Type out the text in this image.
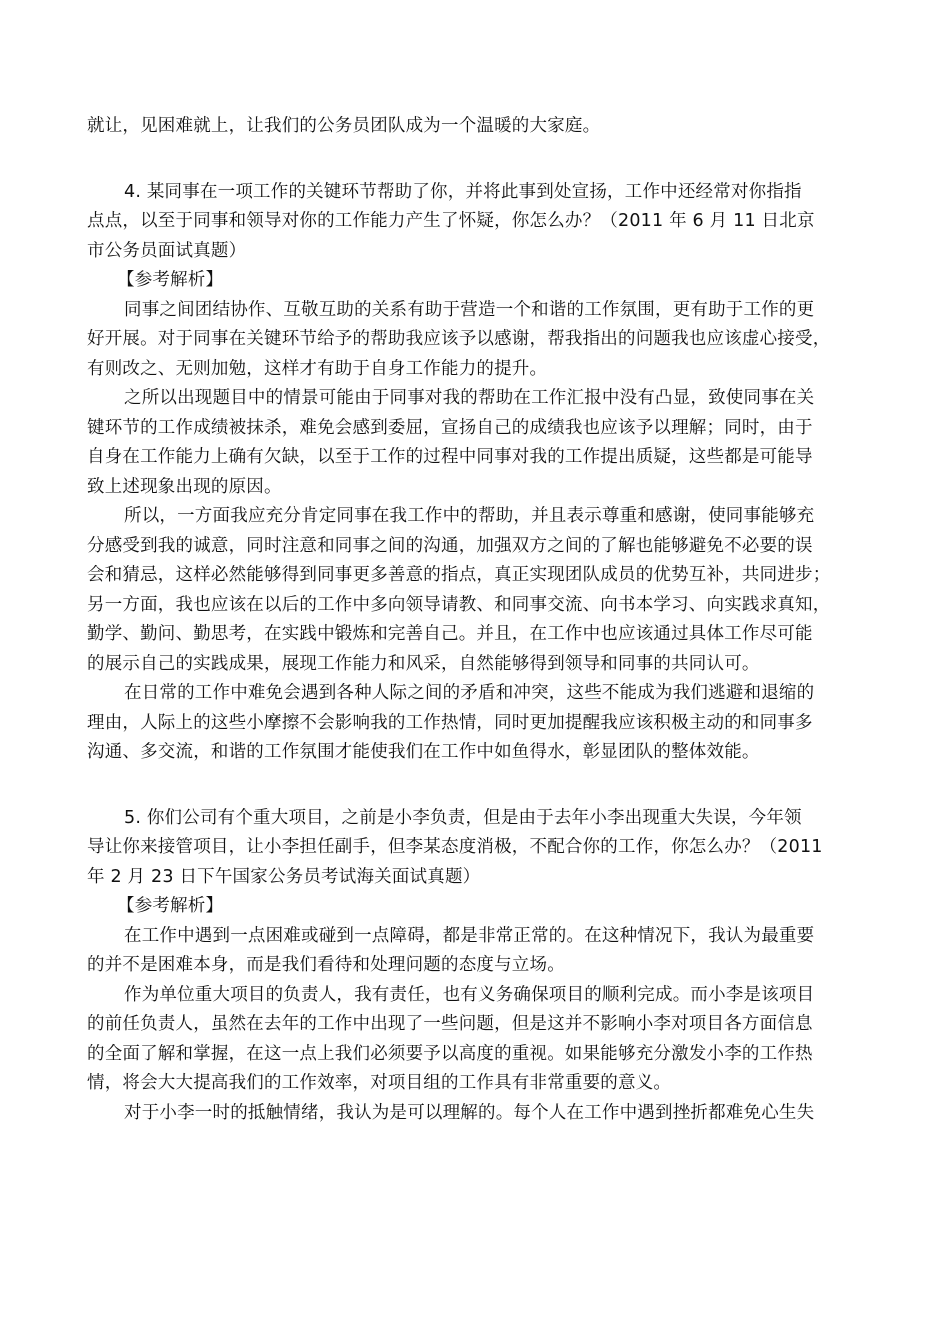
就让，见困难就上，让我们的公务员团队成为一个温暖的大家庭。
4. 某同事在一项工作的关键环节帮助了你，并将此事到处宣扬，工作中还经常对你指指
点点，以至于同事和领导对你的工作能力产生了怀疑，你怎么办？（2011 年 6 月 11 日北京
市公务员面试真题）
【参考解析】
同事之间团结协作、互敬互助的关系有助于营造一个和谐的工作氛围，更有助于工作的更
好开展。对于同事在关键环节给予的帮助我应该予以感谢，帮我指出的问题我也应该虚心接受，
有则改之、无则加勉，这样才有助于自身工作能力的提升。
之所以出现题目中的情景可能由于同事对我的帮助在工作汇报中没有凸显，致使同事在关
键环节的工作成绩被抹杀，难免会感到委屈，宣扬自己的成绩我也应该予以理解；同时，由于
自身在工作能力上确有欠缺，以至于工作的过程中同事对我的工作提出质疑，这些都是可能导
致上述现象出现的原因。
所以，一方面我应充分肯定同事在我工作中的帮助，并且表示尊重和感谢，使同事能够充
分感受到我的诚意，同时注意和同事之间的沟通，加强双方之间的了解也能够避免不必要的误
会和猜忌，这样必然能够得到同事更多善意的指点，真正实现团队成员的优势互补，共同进步；
另一方面，我也应该在以后的工作中多向领导请教、和同事交流、向书本学习、向实践求真知，
勤学、勤问、勤思考，在实践中锻炼和完善自己。并且，在工作中也应该通过具体工作尽可能
的展示自己的实践成果，展现工作能力和风采，自然能够得到领导和同事的共同认可。
在日常的工作中难免会遇到各种人际之间的矛盾和冲突，这些不能成为我们逃避和退缩的
理由，人际上的这些小摩擦不会影响我的工作热情，同时更加提醒我应该积极主动的和同事多
沟通、多交流，和谐的工作氛围才能使我们在工作中如鱼得水，彰显团队的整体效能。
5. 你们公司有个重大项目，之前是小李负责，但是由于去年小李出现重大失误，今年领
导让你来接管项目，让小李担任副手，但李某态度消极，不配合你的工作，你怎么办？（2011
年 2 月 23 日下午国家公务员考试海关面试真题）
【参考解析】
在工作中遇到一点困难或碰到一点障碍，都是非常正常的。在这种情况下，我认为最重要
的并不是困难本身，而是我们看待和处理问题的态度与立场。
作为单位重大项目的负责人，我有责任，也有义务确保项目的顺利完成。而小李是该项目
的前任负责人，虽然在去年的工作中出现了一些问题，但是这并不影响小李对项目各方面信息
的全面了解和掌握，在这一点上我们必须要予以高度的重视。如果能够充分激发小李的工作热
情，将会大大提高我们的工作效率，对项目组的工作具有非常重要的意义。
对于小李一时的抵触情绪，我认为是可以理解的。每个人在工作中遇到挫折都难免心生失
